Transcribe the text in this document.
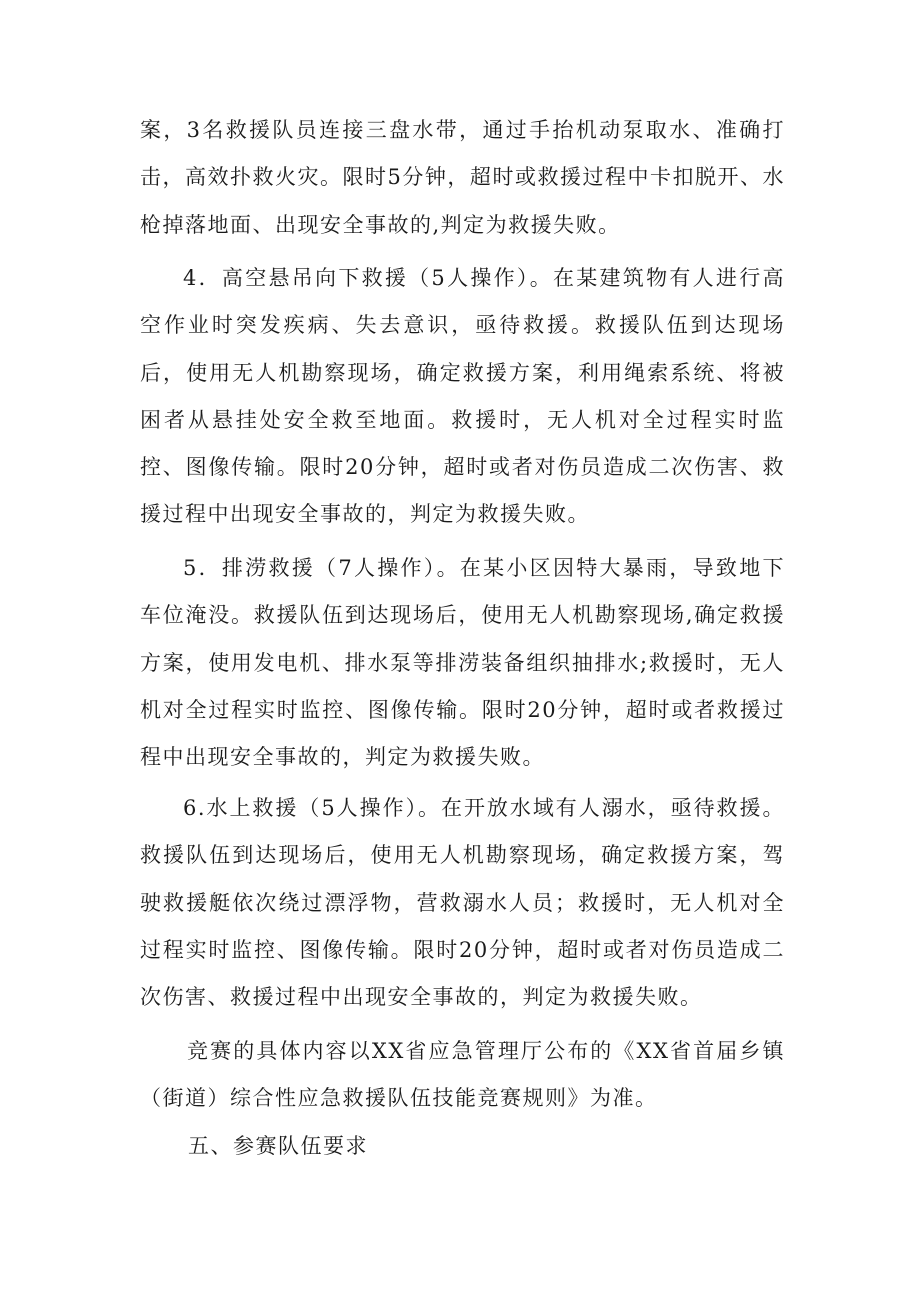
案，3名救援队员连接三盘水带，通过手抬机动泵取水、准确打击，高效扑救火灾。限时5分钟，超时或救援过程中卡扣脱开、水枪掉落地面、出现安全事故的,判定为救援失败。

4．高空悬吊向下救援（5人操作）。在某建筑物有人进行高空作业时突发疾病、失去意识，亟待救援。救援队伍到达现场后，使用无人机勘察现场，确定救援方案，利用绳索系统、将被困者从悬挂处安全救至地面。救援时，无人机对全过程实时监控、图像传输。限时20分钟，超时或者对伤员造成二次伤害、救援过程中出现安全事故的，判定为救援失败。

5．排涝救援（7人操作）。在某小区因特大暴雨，导致地下车位淹没。救援队伍到达现场后，使用无人机勘察现场,确定救援方案，使用发电机、排水泵等排涝装备组织抽排水;救援时，无人机对全过程实时监控、图像传输。限时20分钟，超时或者救援过程中出现安全事故的，判定为救援失败。

6.水上救援（5人操作）。在开放水域有人溺水，亟待救援。救援队伍到达现场后，使用无人机勘察现场，确定救援方案，驾驶救援艇依次绕过漂浮物，营救溺水人员；救援时，无人机对全过程实时监控、图像传输。限时20分钟，超时或者对伤员造成二次伤害、救援过程中出现安全事故的，判定为救援失败。

竞赛的具体内容以XX省应急管理厅公布的《XX省首届乡镇（街道）综合性应急救援队伍技能竞赛规则》为准。

五、参赛队伍要求
